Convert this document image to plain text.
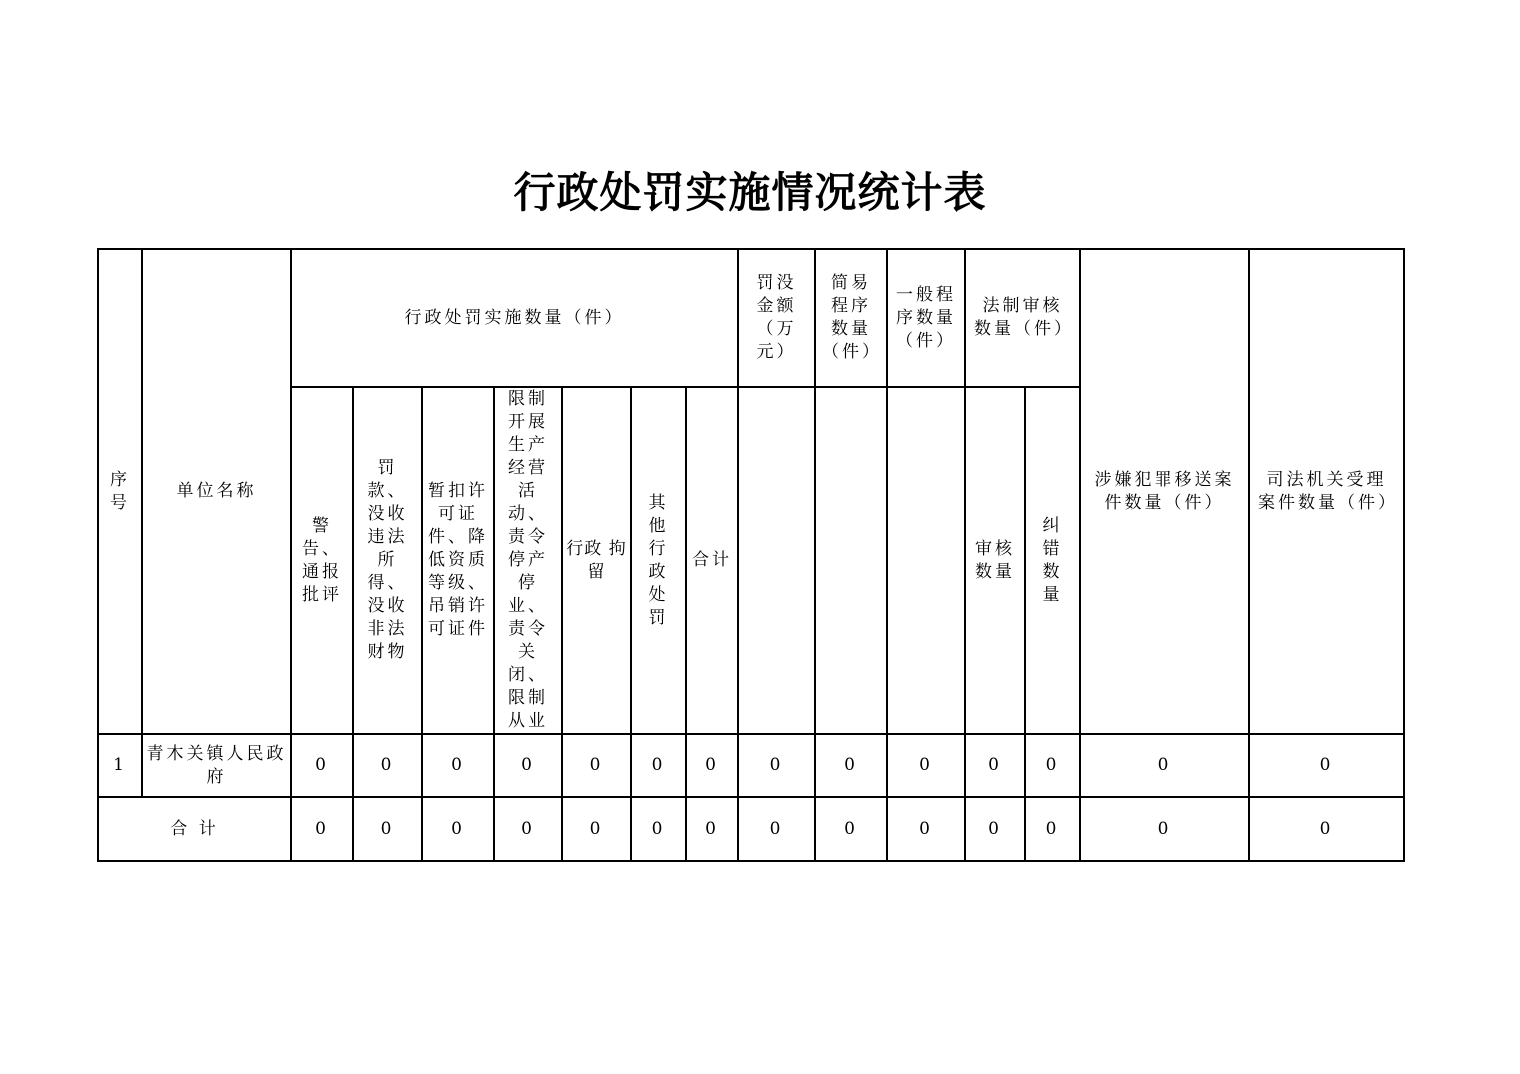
行政处罚实施情况统计表
序号	单位名称	行政处罚实施数量（件）							罚没金额（万元）	简易程序数量（件）	一般程序数量（件）	法制审核数量（件）		涉嫌犯罪移送案件数量（件）	司法机关受理案件数量（件）
		警告、通报批评	罚款、没收违法所得、没收非法财物	暂扣许可证件、降低资质等级、吊销许可证件	限制开展生产经营活动、责令停产停业、责令关闭、限制从业	行政 拘留	其他行政处罚	合计				审核数量	纠错数量		
1	青木关镇人民政府	0	0	0	0	0	0	0	0	0	0	0	0	0	0
合 计		0	0	0	0	0	0	0	0	0	0	0	0	0	0
